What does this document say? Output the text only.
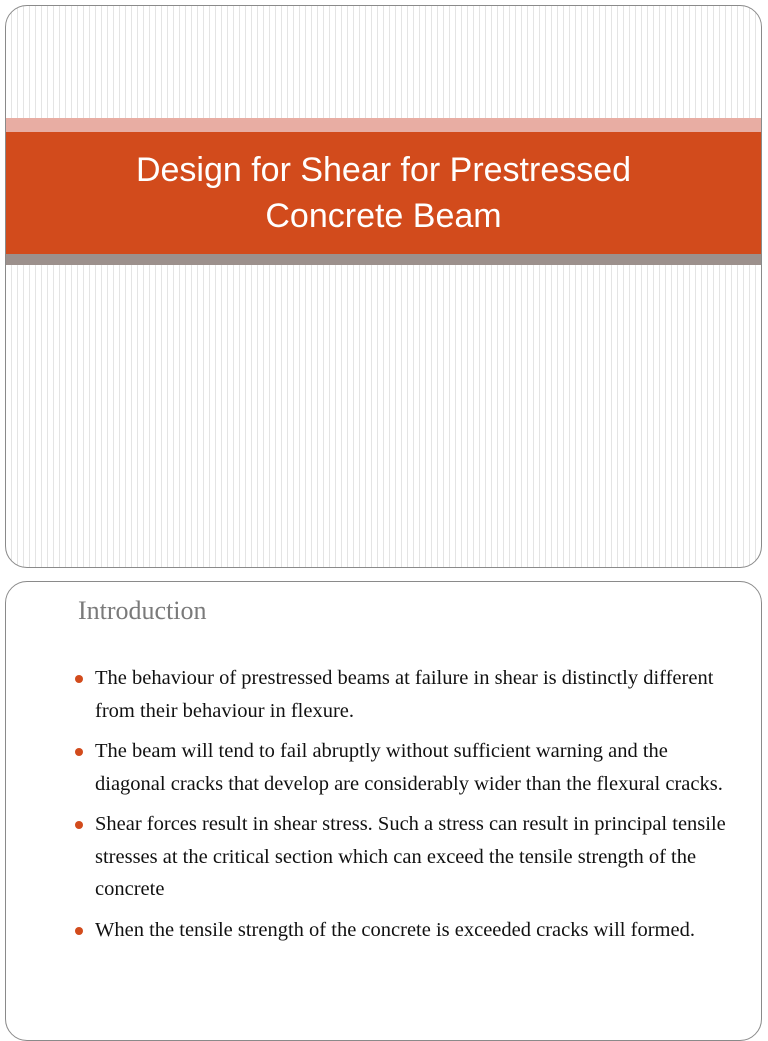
Design for Shear for Prestressed Concrete Beam
Introduction
The behaviour of prestressed beams at failure in shear is distinctly different from their behaviour in flexure.
The beam will tend to fail abruptly without sufficient warning and the diagonal cracks that develop are considerably wider than the flexural cracks.
Shear forces result in shear stress. Such a stress can result in principal tensile stresses at the critical section which can exceed the tensile strength of the concrete
When the tensile strength of the concrete is exceeded cracks will formed.
